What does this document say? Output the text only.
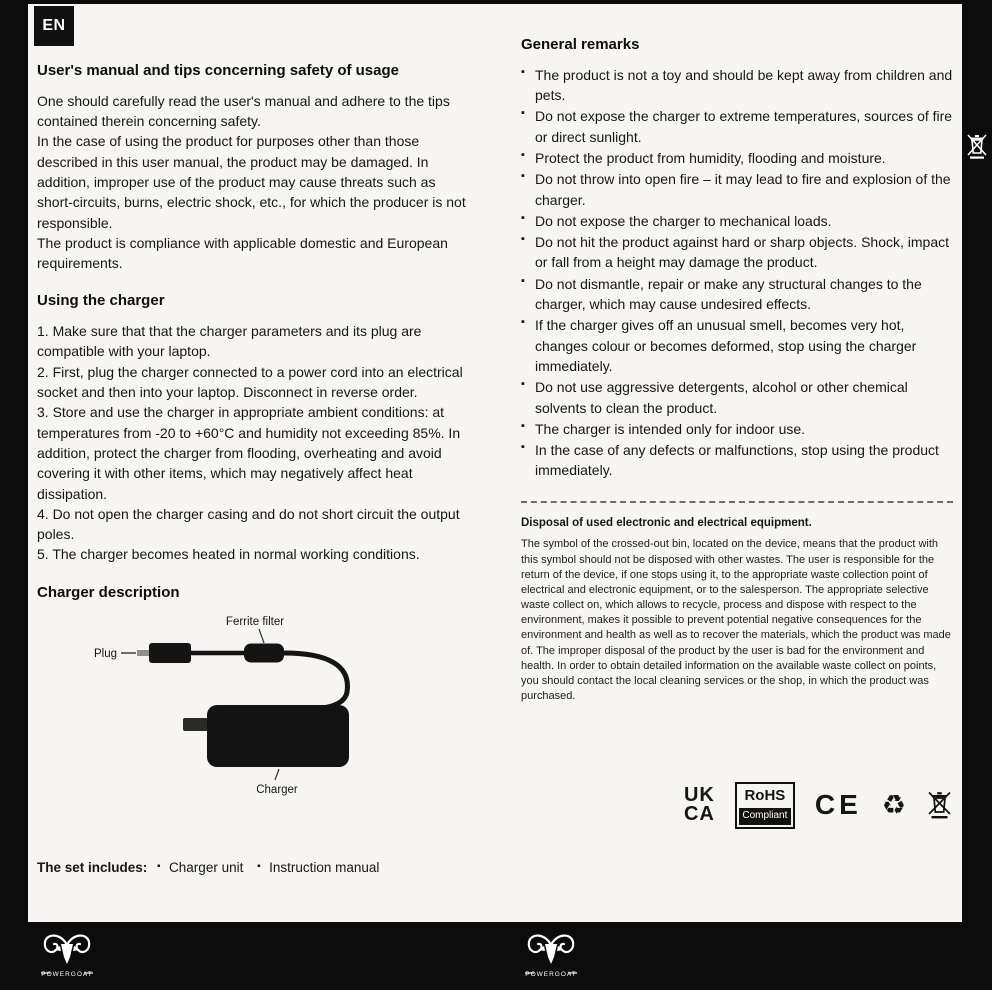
EN
User's manual and tips concerning safety of usage

One should carefully read the user's manual and adhere to the tips contained therein concerning safety.

In the case of using the product for purposes other than those described in this user manual, the product may be damaged. In addition, improper use of the product may cause threats such as short-circuits, burns, electric shock, etc., for which the producer is not responsible.

The product is compliance with applicable domestic and European requirements.

Using the charger

1. Make sure that that the charger parameters and its plug are compatible with your laptop.

2. First, plug the charger connected to a power cord into an electrical socket and then into your laptop. Disconnect in reverse order.

3. Store and use the charger in appropriate ambient conditions: at temperatures from -20 to +60°C and humidity not exceeding 85%. In addition, protect the charger from flooding, overheating and avoid covering it with other items, which may negatively affect heat dissipation.

4. Do not open the charger casing and do not short circuit the output poles.

5. The charger becomes heated in normal working conditions.

Charger description
Ferrite filter
Plug
Charger
The set includes: ▪ Charger unit ▪ Instruction manual
General remarks
▪ The product is not a toy and should be kept away from children and pets.
▪ Do not expose the charger to extreme temperatures, sources of fire or direct sunlight.
▪ Protect the product from humidity, flooding and moisture.
▪ Do not throw into open fire – it may lead to fire and explosion of the charger.
▪ Do not expose the charger to mechanical loads.
▪ Do not hit the product against hard or sharp objects. Shock, impact or fall from a height may damage the product.
▪ Do not dismantle, repair or make any structural changes to the charger, which may cause undesired effects.
▪ If the charger gives off an unusual smell, becomes very hot, changes colour or becomes deformed, stop using the charger immediately.
▪ Do not use aggressive detergents, alcohol or other chemical solvents to clean the product.
▪ The charger is intended only for indoor use.
▪ In the case of any defects or malfunctions, stop using the product immediately.

Disposal of used electronic and electrical equipment.

The symbol of the crossed-out bin, located on the device, means that the product with this symbol should not be disposed with other wastes. The user is responsible for the return of the device, if one stops using it, to the appropriate waste collection point of electrical and electronic equipment, or to the salesperson. The appropriate selective waste collect on, which allows to recycle, process and dispose with respect to the environment, makes it possible to prevent potential negative consequences for the environment and health as well as to recover the materials, which the product was made of. The improper disposal of the product by the user is bad for the environment and health. In order to obtain detailed information on the available waste collect on points, you should contact the local cleaning services or the shop, in which the product was purchased.

UK
CA
RoHS
Compliant CE ♻
POWERGOAT	POWERGOAT
